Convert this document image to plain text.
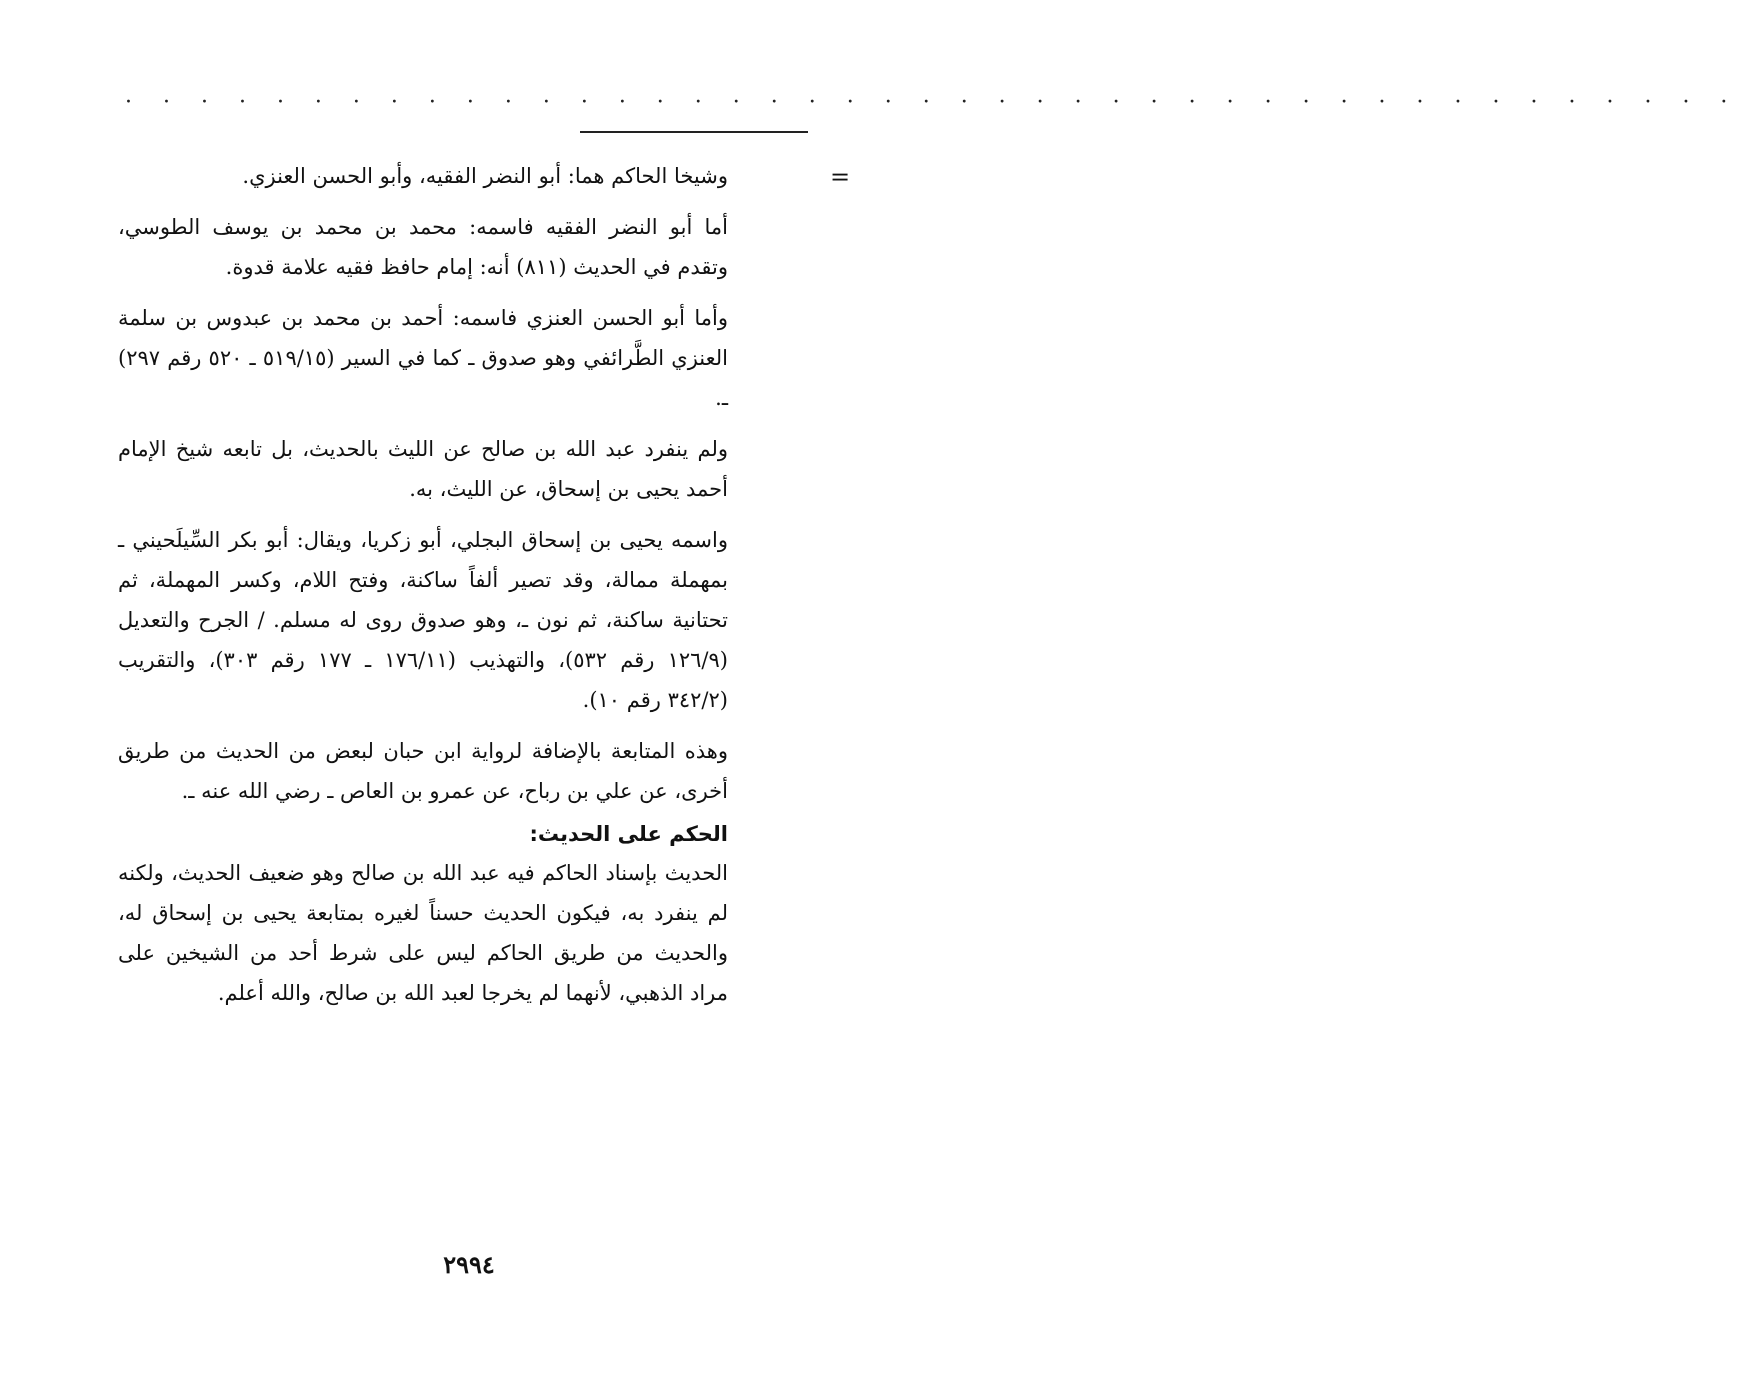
· · · · · · · · · · · · · · · · · · · · · · · · · · · · · · · · · · · · · · · · · · ·
=

وشيخا الحاكم هما: أبو النضر الفقيه، وأبو الحسن العنزي.

أما أبو النضر الفقيه فاسمه: محمد بن محمد بن يوسف الطوسي، وتقدم في الحديث (٨١١) أنه: إمام حافظ فقيه علامة قدوة.

وأما أبو الحسن العنزي فاسمه: أحمد بن محمد بن عبدوس بن سلمة العنزي الطَّرائفي وهو صدوق ـ كما في السير (٥١٩/١٥ ـ ٥٢٠ رقم ٢٩٧) ـ.

ولم ينفرد عبد الله بن صالح عن الليث بالحديث، بل تابعه شيخ الإمام أحمد يحيى بن إسحاق، عن الليث، به.

واسمه يحيى بن إسحاق البجلي، أبو زكريا، ويقال: أبو بكر السِّيلَحيني ـ بمهملة ممالة، وقد تصير ألفاً ساكنة، وفتح اللام، وكسر المهملة، ثم تحتانية ساكنة، ثم نون ـ، وهو صدوق روى له مسلم. / الجرح والتعديل (١٢٦/٩ رقم ٥٣٢)، والتهذيب (١٧٦/١١ ـ ١٧٧ رقم ٣٠٣)، والتقريب (٣٤٢/٢ رقم ١٠).

وهذه المتابعة بالإضافة لرواية ابن حبان لبعض من الحديث من طريق أخرى، عن علي بن رباح، عن عمرو بن العاص ـ رضي الله عنه ـ.

الحكم على الحديث:

الحديث بإسناد الحاكم فيه عبد الله بن صالح وهو ضعيف الحديث، ولكنه لم ينفرد به، فيكون الحديث حسناً لغيره بمتابعة يحيى بن إسحاق له، والحديث من طريق الحاكم ليس على شرط أحد من الشيخين على مراد الذهبي، لأنهما لم يخرجا لعبد الله بن صالح، والله أعلم.

٢٩٩٤
